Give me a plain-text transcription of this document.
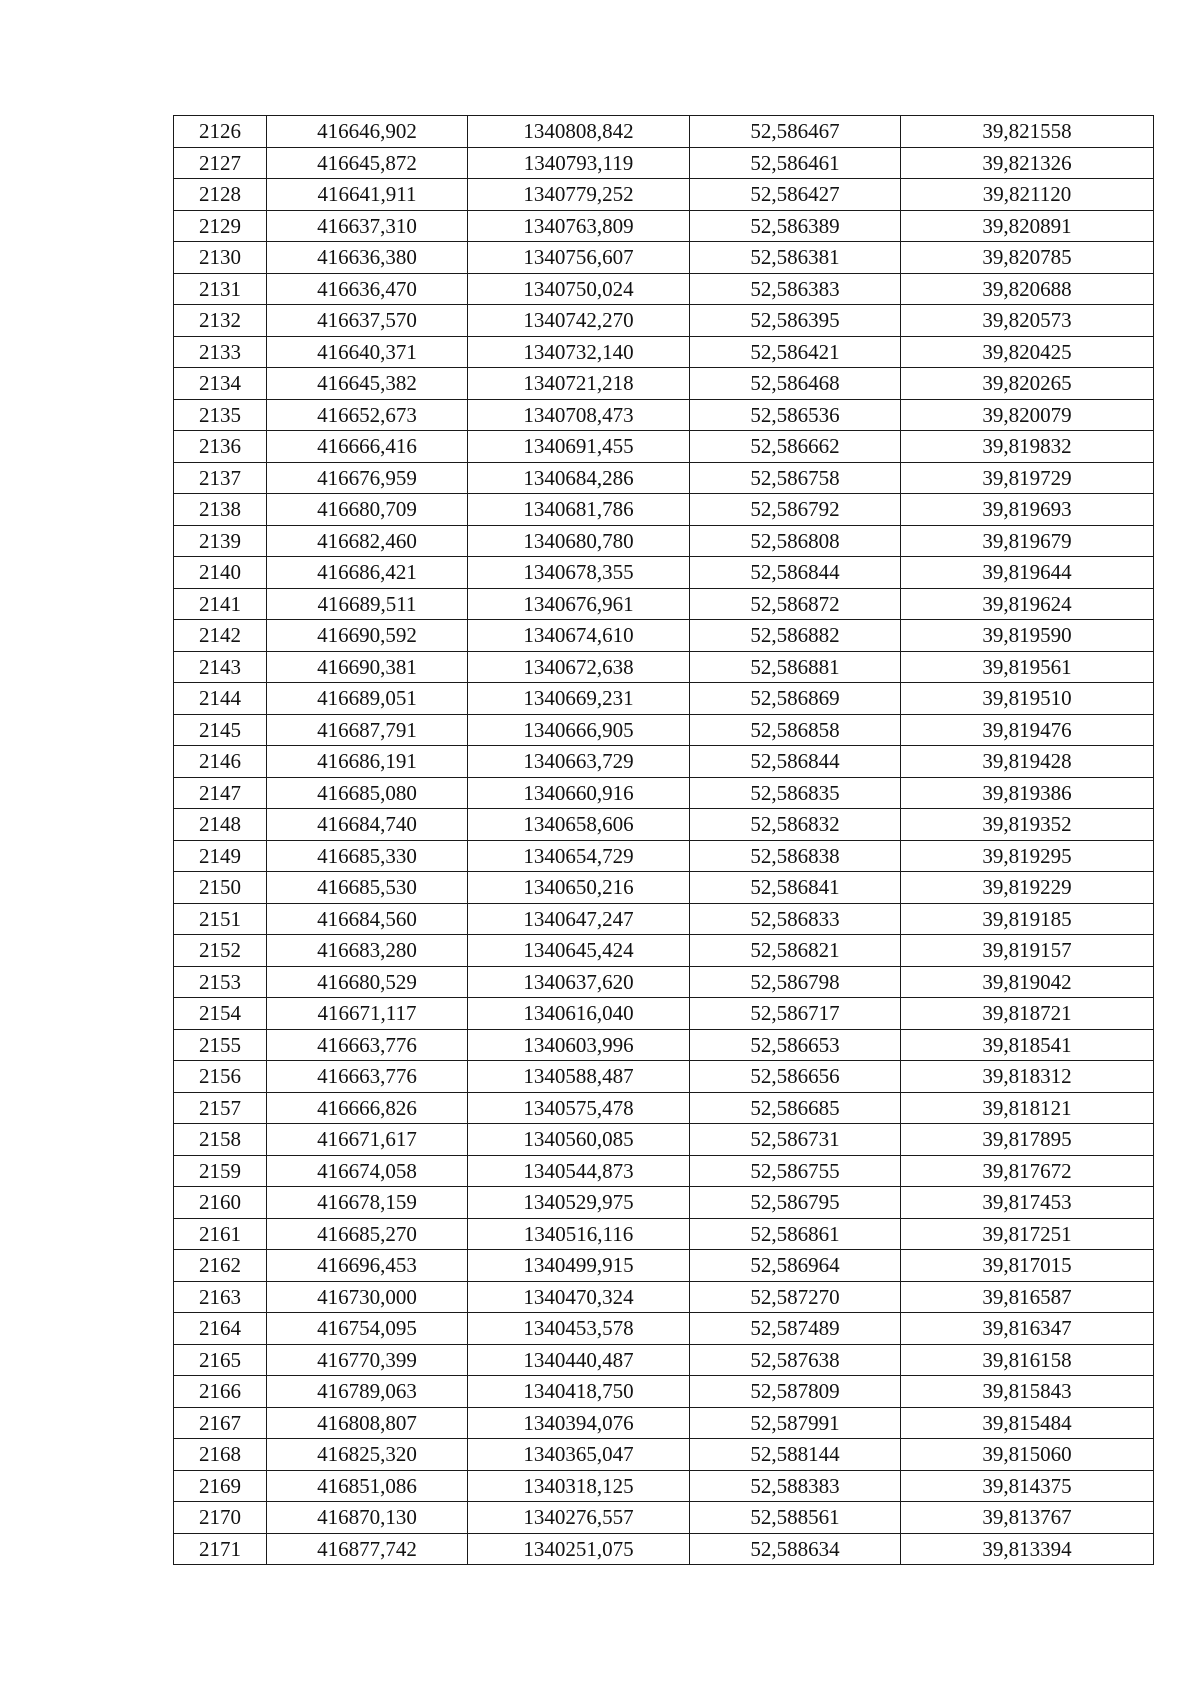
2126	416646,902	1340808,842	52,586467	39,821558
2127	416645,872	1340793,119	52,586461	39,821326
2128	416641,911	1340779,252	52,586427	39,821120
2129	416637,310	1340763,809	52,586389	39,820891
2130	416636,380	1340756,607	52,586381	39,820785
2131	416636,470	1340750,024	52,586383	39,820688
2132	416637,570	1340742,270	52,586395	39,820573
2133	416640,371	1340732,140	52,586421	39,820425
2134	416645,382	1340721,218	52,586468	39,820265
2135	416652,673	1340708,473	52,586536	39,820079
2136	416666,416	1340691,455	52,586662	39,819832
2137	416676,959	1340684,286	52,586758	39,819729
2138	416680,709	1340681,786	52,586792	39,819693
2139	416682,460	1340680,780	52,586808	39,819679
2140	416686,421	1340678,355	52,586844	39,819644
2141	416689,511	1340676,961	52,586872	39,819624
2142	416690,592	1340674,610	52,586882	39,819590
2143	416690,381	1340672,638	52,586881	39,819561
2144	416689,051	1340669,231	52,586869	39,819510
2145	416687,791	1340666,905	52,586858	39,819476
2146	416686,191	1340663,729	52,586844	39,819428
2147	416685,080	1340660,916	52,586835	39,819386
2148	416684,740	1340658,606	52,586832	39,819352
2149	416685,330	1340654,729	52,586838	39,819295
2150	416685,530	1340650,216	52,586841	39,819229
2151	416684,560	1340647,247	52,586833	39,819185
2152	416683,280	1340645,424	52,586821	39,819157
2153	416680,529	1340637,620	52,586798	39,819042
2154	416671,117	1340616,040	52,586717	39,818721
2155	416663,776	1340603,996	52,586653	39,818541
2156	416663,776	1340588,487	52,586656	39,818312
2157	416666,826	1340575,478	52,586685	39,818121
2158	416671,617	1340560,085	52,586731	39,817895
2159	416674,058	1340544,873	52,586755	39,817672
2160	416678,159	1340529,975	52,586795	39,817453
2161	416685,270	1340516,116	52,586861	39,817251
2162	416696,453	1340499,915	52,586964	39,817015
2163	416730,000	1340470,324	52,587270	39,816587
2164	416754,095	1340453,578	52,587489	39,816347
2165	416770,399	1340440,487	52,587638	39,816158
2166	416789,063	1340418,750	52,587809	39,815843
2167	416808,807	1340394,076	52,587991	39,815484
2168	416825,320	1340365,047	52,588144	39,815060
2169	416851,086	1340318,125	52,588383	39,814375
2170	416870,130	1340276,557	52,588561	39,813767
2171	416877,742	1340251,075	52,588634	39,813394
